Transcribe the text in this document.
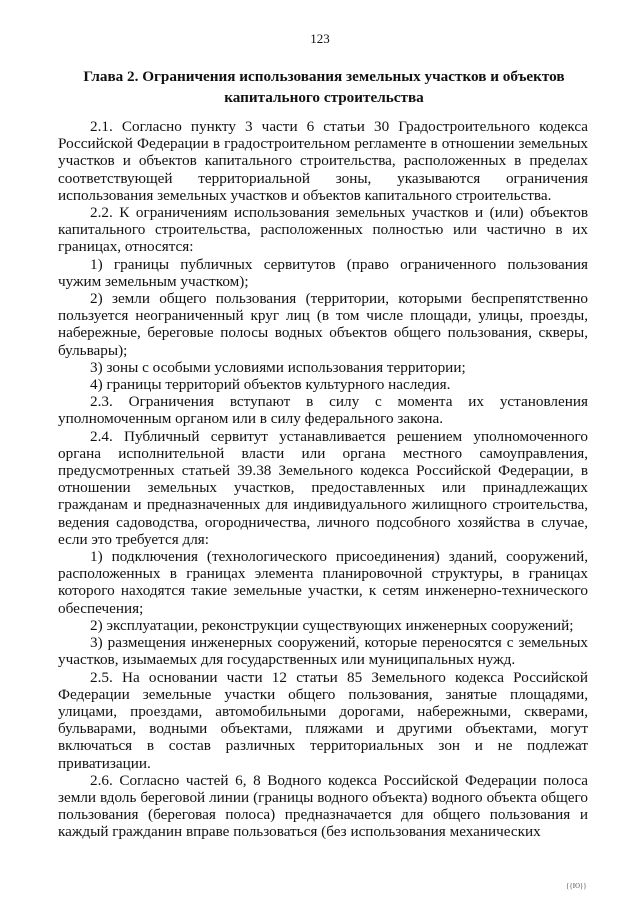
123
Глава 2. Ограничения использования земельных участков и объектов
капитального строительства

2.1. Согласно пункту 3 части 6 статьи 30 Градостроительного кодекса Российской Федерации в градостроительном регламенте в отношении земельных участков и объектов капитального строительства, расположенных в пределах соответствующей территориальной зоны, указываются ограничения использования земельных участков и объектов капитального строительства.

2.2. К ограничениям использования земельных участков и (или) объектов капитального строительства, расположенных полностью или частично в их границах, относятся:

1) границы публичных сервитутов (право ограниченного пользования чужим земельным участком);

2) земли общего пользования (территории, которыми беспрепятственно пользуется неограниченный круг лиц (в том числе площади, улицы, проезды, набережные, береговые полосы водных объектов общего пользования, скверы, бульвары);

3) зоны с особыми условиями использования территории;

4) границы территорий объектов культурного наследия.

2.3. Ограничения вступают в силу с момента их установления уполномоченным органом или в силу федерального закона.

2.4. Публичный сервитут устанавливается решением уполномоченного органа исполнительной власти или органа местного самоуправления, предусмотренных статьей 39.38 Земельного кодекса Российской Федерации, в отношении земельных участков, предоставленных или принадлежащих гражданам и предназначенных для индивидуального жилищного строительства, ведения садоводства, огородничества, личного подсобного хозяйства в случае, если это требуется для:

1) подключения (технологического присоединения) зданий, сооружений, расположенных в границах элемента планировочной структуры, в границах которого находятся такие земельные участки, к сетям инженерно-технического обеспечения;

2) эксплуатации, реконструкции существующих инженерных сооружений;

3) размещения инженерных сооружений, которые переносятся с земельных участков, изымаемых для государственных или муниципальных нужд.

2.5. На основании части 12 статьи 85 Земельного кодекса Российской Федерации земельные участки общего пользования, занятые площадями, улицами, проездами, автомобильными дорогами, набережными, скверами, бульварами, водными объектами, пляжами и другими объектами, могут включаться в состав различных территориальных зон и не подлежат приватизации.

2.6. Согласно частей 6, 8 Водного кодекса Российской Федерации полоса земли вдоль береговой линии (границы водного объекта) водного объекта общего пользования (береговая полоса) предназначается для общего пользования и каждый гражданин вправе пользоваться (без использования механических

{{Ю}}
